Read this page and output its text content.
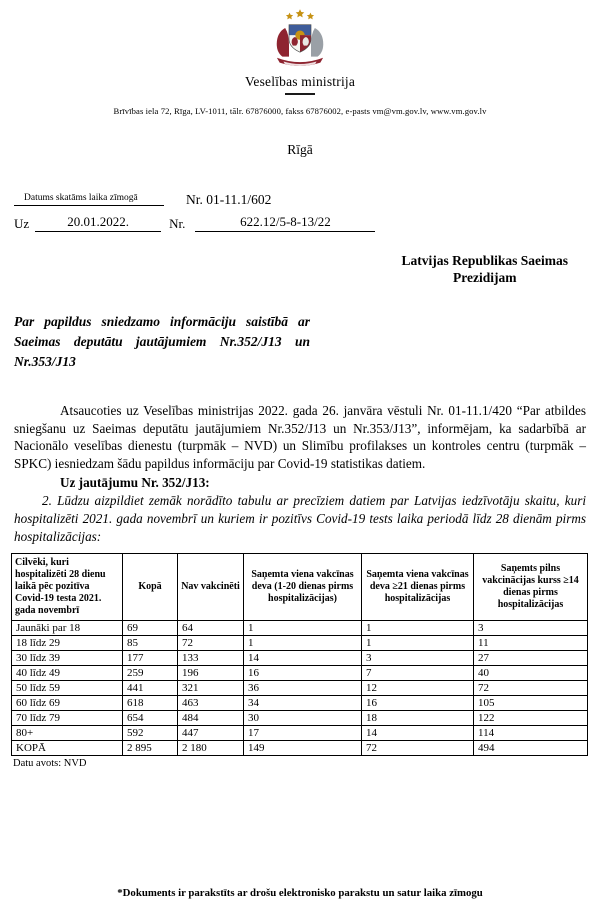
Veselības ministrija
Brīvības iela 72, Rīga, LV-1011, tālr. 67876000, fakss 67876002, e-pasts vm@vm.gov.lv, www.vm.gov.lv
Rīgā
Datums skatāms laika zīmogā	Nr. 01-11.1/602
Uz	20.01.2022.	Nr.	622.12/5-8-13/22
Latvijas Republikas Saeimas
Prezidijam
Par papildus sniedzamo informāciju saistībā ar Saeimas deputātu jautājumiem Nr.352/J13 un Nr.353/J13

Atsaucoties uz Veselības ministrijas 2022. gada 26. janvāra vēstuli Nr. 01-11.1/420 “Par atbildes sniegšanu uz Saeimas deputātu jautājumiem Nr.352/J13 un Nr.353/J13”, informējam, ka sadarbībā ar Nacionālo veselības dienestu (turpmāk – NVD) un Slimību profilakses un kontroles centru (turpmāk – SPKC) iesniedzam šādu papildus informāciju par Covid-19 statistikas datiem.

Uz jautājumu Nr. 352/J13:

2. Lūdzu aizpildiet zemāk norādīto tabulu ar precīziem datiem par Latvijas iedzīvotāju skaitu, kuri hospitalizēti 2021. gada novembrī un kuriem ir pozitīvs Covid-19 tests laika periodā līdz 28 dienām pirms hospitalizācijas:

Cilvēki, kuri hospitalizēti 28 dienu laikā pēc pozitīva Covid-19 testa 2021. gada novembrī	Kopā	Nav vakcinēti	Saņemta viena vakcīnas deva (1-20 dienas pirms hospitalizācijas)	Saņemta viena vakcīnas deva ≥21 dienas pirms hospitalizācijas	Saņemts pilns vakcinācijas kurss ≥14 dienas pirms hospitalizācijas
Jaunāki par 18	69	64	1	1	3
18 līdz 29	85	72	1	1	11
30 līdz 39	177	133	14	3	27
40 līdz 49	259	196	16	7	40
50 līdz 59	441	321	36	12	72
60 līdz 69	618	463	34	16	105
70 līdz 79	654	484	30	18	122
80+	592	447	17	14	114
KOPĀ	2 895	2 180	149	72	494
Datu avots: NVD
*Dokuments ir parakstīts ar drošu elektronisko parakstu un satur laika zīmogu
